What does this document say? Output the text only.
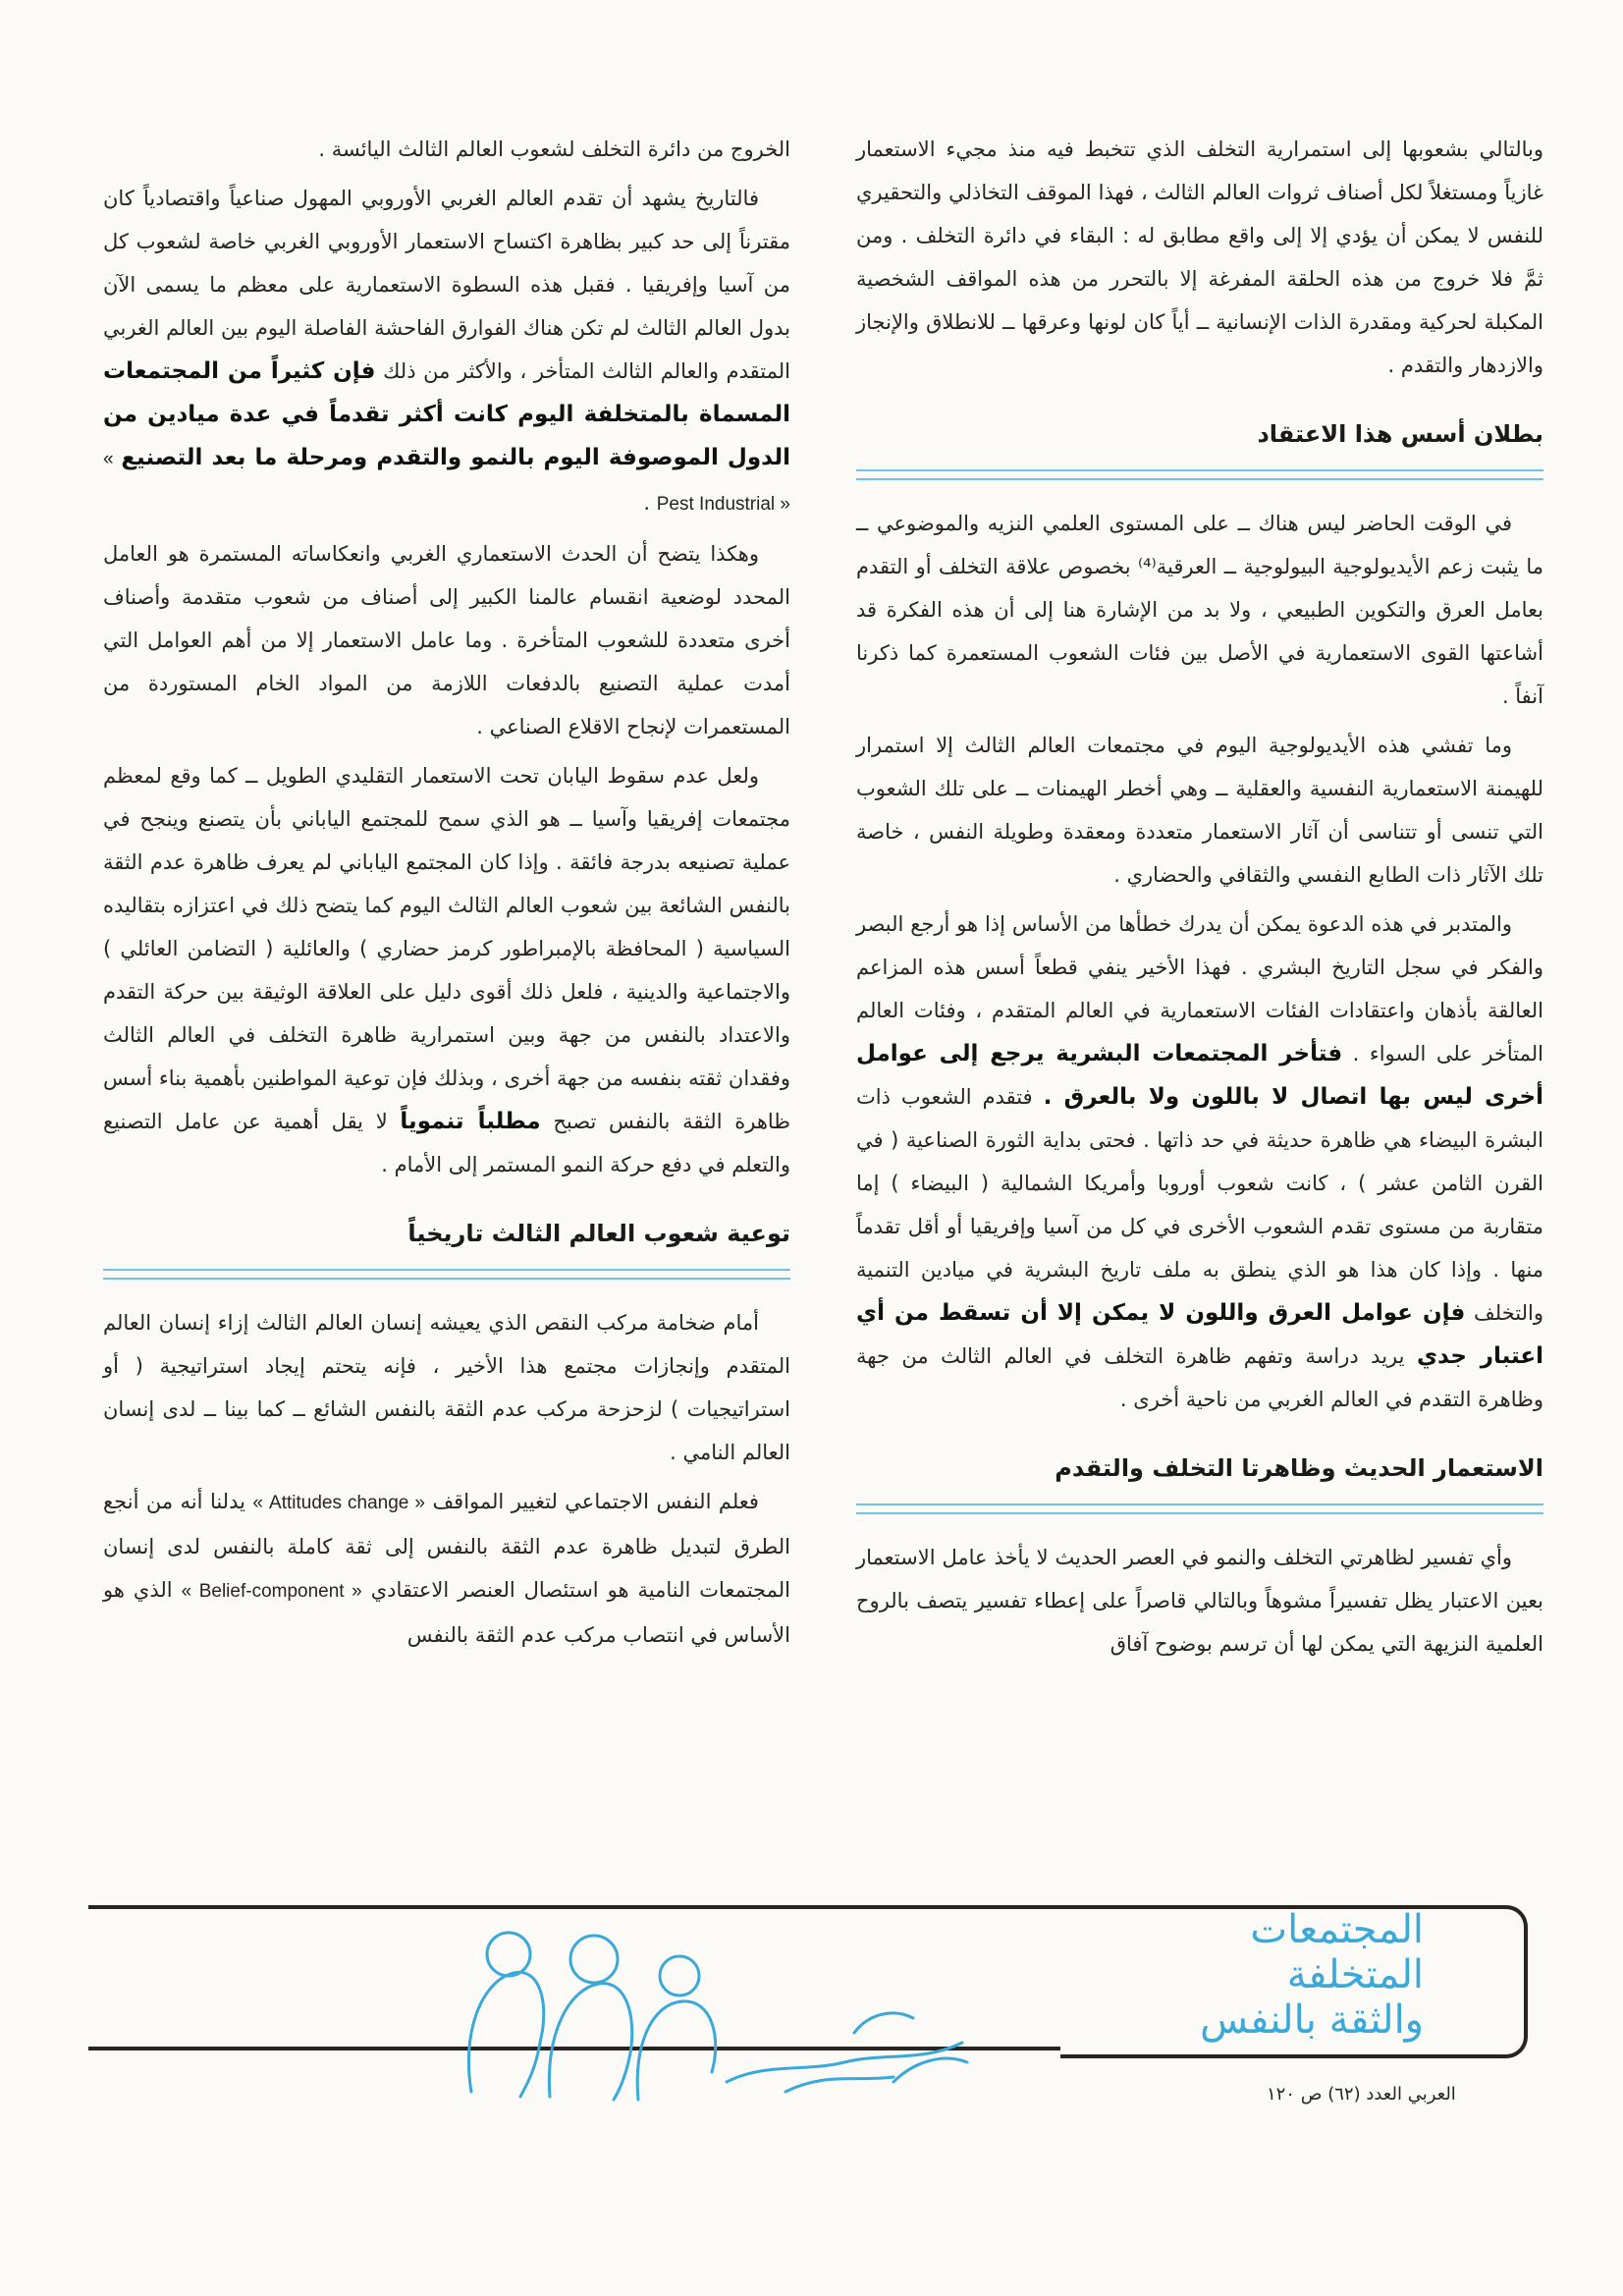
وبالتالي بشعوبها إلى استمرارية التخلف الذي تتخبط فيه منذ مجيء الاستعمار غازياً ومستغلاً لكل أصناف ثروات العالم الثالث ، فهذا الموقف التخاذلي والتحقيري للنفس لا يمكن أن يؤدي إلا إلى واقع مطابق له : البقاء في دائرة التخلف . ومن ثمَّ فلا خروج من هذه الحلقة المفرغة إلا بالتحرر من هذه المواقف الشخصية المكبلة لحركية ومقدرة الذات الإنسانية ــ أياً كان لونها وعرقها ــ للانطلاق والإنجاز والازدهار والتقدم .

بطلان أسس هذا الاعتقاد

في الوقت الحاضر ليس هناك ــ على المستوى العلمي النزيه والموضوعي ــ ما يثبت زعم الأيديولوجية البيولوجية ــ العرقية⁽⁴⁾ بخصوص علاقة التخلف أو التقدم بعامل العرق والتكوين الطبيعي ، ولا بد من الإشارة هنا إلى أن هذه الفكرة قد أشاعتها القوى الاستعمارية في الأصل بين فئات الشعوب المستعمرة كما ذكرنا آنفاً .

وما تفشي هذه الأيديولوجية اليوم في مجتمعات العالم الثالث إلا استمرار للهيمنة الاستعمارية النفسية والعقلية ــ وهي أخطر الهيمنات ــ على تلك الشعوب التي تنسى أو تتناسى أن آثار الاستعمار متعددة ومعقدة وطويلة النفس ، خاصة تلك الآثار ذات الطابع النفسي والثقافي والحضاري .

والمتدبر في هذه الدعوة يمكن أن يدرك خطأها من الأساس إذا هو أرجع البصر والفكر في سجل التاريخ البشري . فهذا الأخير ينفي قطعاً أسس هذه المزاعم العالقة بأذهان واعتقادات الفئات الاستعمارية في العالم المتقدم ، وفئات العالم المتأخر على السواء . فتأخر المجتمعات البشرية يرجع إلى عوامل أخرى ليس بها اتصال لا باللون ولا بالعرق . فتقدم الشعوب ذات البشرة البيضاء هي ظاهرة حديثة في حد ذاتها . فحتى بداية الثورة الصناعية ( في القرن الثامن عشر ) ، كانت شعوب أوروبا وأمريكا الشمالية ( البيضاء ) إما متقاربة من مستوى تقدم الشعوب الأخرى في كل من آسيا وإفريقيا أو أقل تقدماً منها . وإذا كان هذا هو الذي ينطق به ملف تاريخ البشرية في ميادين التنمية والتخلف فإن عوامل العرق واللون لا يمكن إلا أن تسقط من أي اعتبار جدي يريد دراسة وتفهم ظاهرة التخلف في العالم الثالث من جهة وظاهرة التقدم في العالم الغربي من ناحية أخرى .

الاستعمار الحديث وظاهرتا التخلف والتقدم

وأي تفسير لظاهرتي التخلف والنمو في العصر الحديث لا يأخذ عامل الاستعمار بعين الاعتبار يظل تفسيراً مشوهاً وبالتالي قاصراً على إعطاء تفسير يتصف بالروح العلمية النزيهة التي يمكن لها أن ترسم بوضوح آفاق

الخروج من دائرة التخلف لشعوب العالم الثالث اليائسة .

فالتاريخ يشهد أن تقدم العالم الغربي الأوروبي المهول صناعياً واقتصادياً كان مقترناً إلى حد كبير بظاهرة اكتساح الاستعمار الأوروبي الغربي خاصة لشعوب كل من آسيا وإفريقيا . فقبل هذه السطوة الاستعمارية على معظم ما يسمى الآن بدول العالم الثالث لم تكن هناك الفوارق الفاحشة الفاصلة اليوم بين العالم الغربي المتقدم والعالم الثالث المتأخر ، والأكثر من ذلك فإن كثيراً من المجتمعات المسماة بالمتخلفة اليوم كانت أكثر تقدماً في عدة ميادين من الدول الموصوفة اليوم بالنمو والتقدم ومرحلة ما بعد التصنيع « Pest Industrial » .

وهكذا يتضح أن الحدث الاستعماري الغربي وانعكاساته المستمرة هو العامل المحدد لوضعية انقسام عالمنا الكبير إلى أصناف من شعوب متقدمة وأصناف أخرى متعددة للشعوب المتأخرة . وما عامل الاستعمار إلا من أهم العوامل التي أمدت عملية التصنيع بالدفعات اللازمة من المواد الخام المستوردة من المستعمرات لإنجاح الاقلاع الصناعي .

ولعل عدم سقوط اليابان تحت الاستعمار التقليدي الطويل ــ كما وقع لمعظم مجتمعات إفريقيا وآسيا ــ هو الذي سمح للمجتمع الياباني بأن يتصنع وينجح في عملية تصنيعه بدرجة فائقة . وإذا كان المجتمع الياباني لم يعرف ظاهرة عدم الثقة بالنفس الشائعة بين شعوب العالم الثالث اليوم كما يتضح ذلك في اعتزازه بتقاليده السياسية ( المحافظة بالإمبراطور كرمز حضاري ) والعائلية ( التضامن العائلي ) والاجتماعية والدينية ، فلعل ذلك أقوى دليل على العلاقة الوثيقة بين حركة التقدم والاعتداد بالنفس من جهة وبين استمرارية ظاهرة التخلف في العالم الثالث وفقدان ثقته بنفسه من جهة أخرى ، وبذلك فإن توعية المواطنين بأهمية بناء أسس ظاهرة الثقة بالنفس تصبح مطلباً تنموياً لا يقل أهمية عن عامل التصنيع والتعلم في دفع حركة النمو المستمر إلى الأمام .

توعية شعوب العالم الثالث تاريخياً

أمام ضخامة مركب النقص الذي يعيشه إنسان العالم الثالث إزاء إنسان العالم المتقدم وإنجازات مجتمع هذا الأخير ، فإنه يتحتم إيجاد استراتيجية ( أو استراتيجيات ) لزحزحة مركب عدم الثقة بالنفس الشائع ــ كما بينا ــ لدى إنسان العالم النامي .

فعلم النفس الاجتماعي لتغيير المواقف « Attitudes change » يدلنا أنه من أنجع الطرق لتبديل ظاهرة عدم الثقة بالنفس إلى ثقة كاملة بالنفس لدى إنسان المجتمعات النامية هو استئصال العنصر الاعتقادي « Belief-component » الذي هو الأساس في انتصاب مركب عدم الثقة بالنفس

المجتمعات
المتخلفة
والثقة بالنفس
العربي العدد (٦٢) ص ١٢٠
